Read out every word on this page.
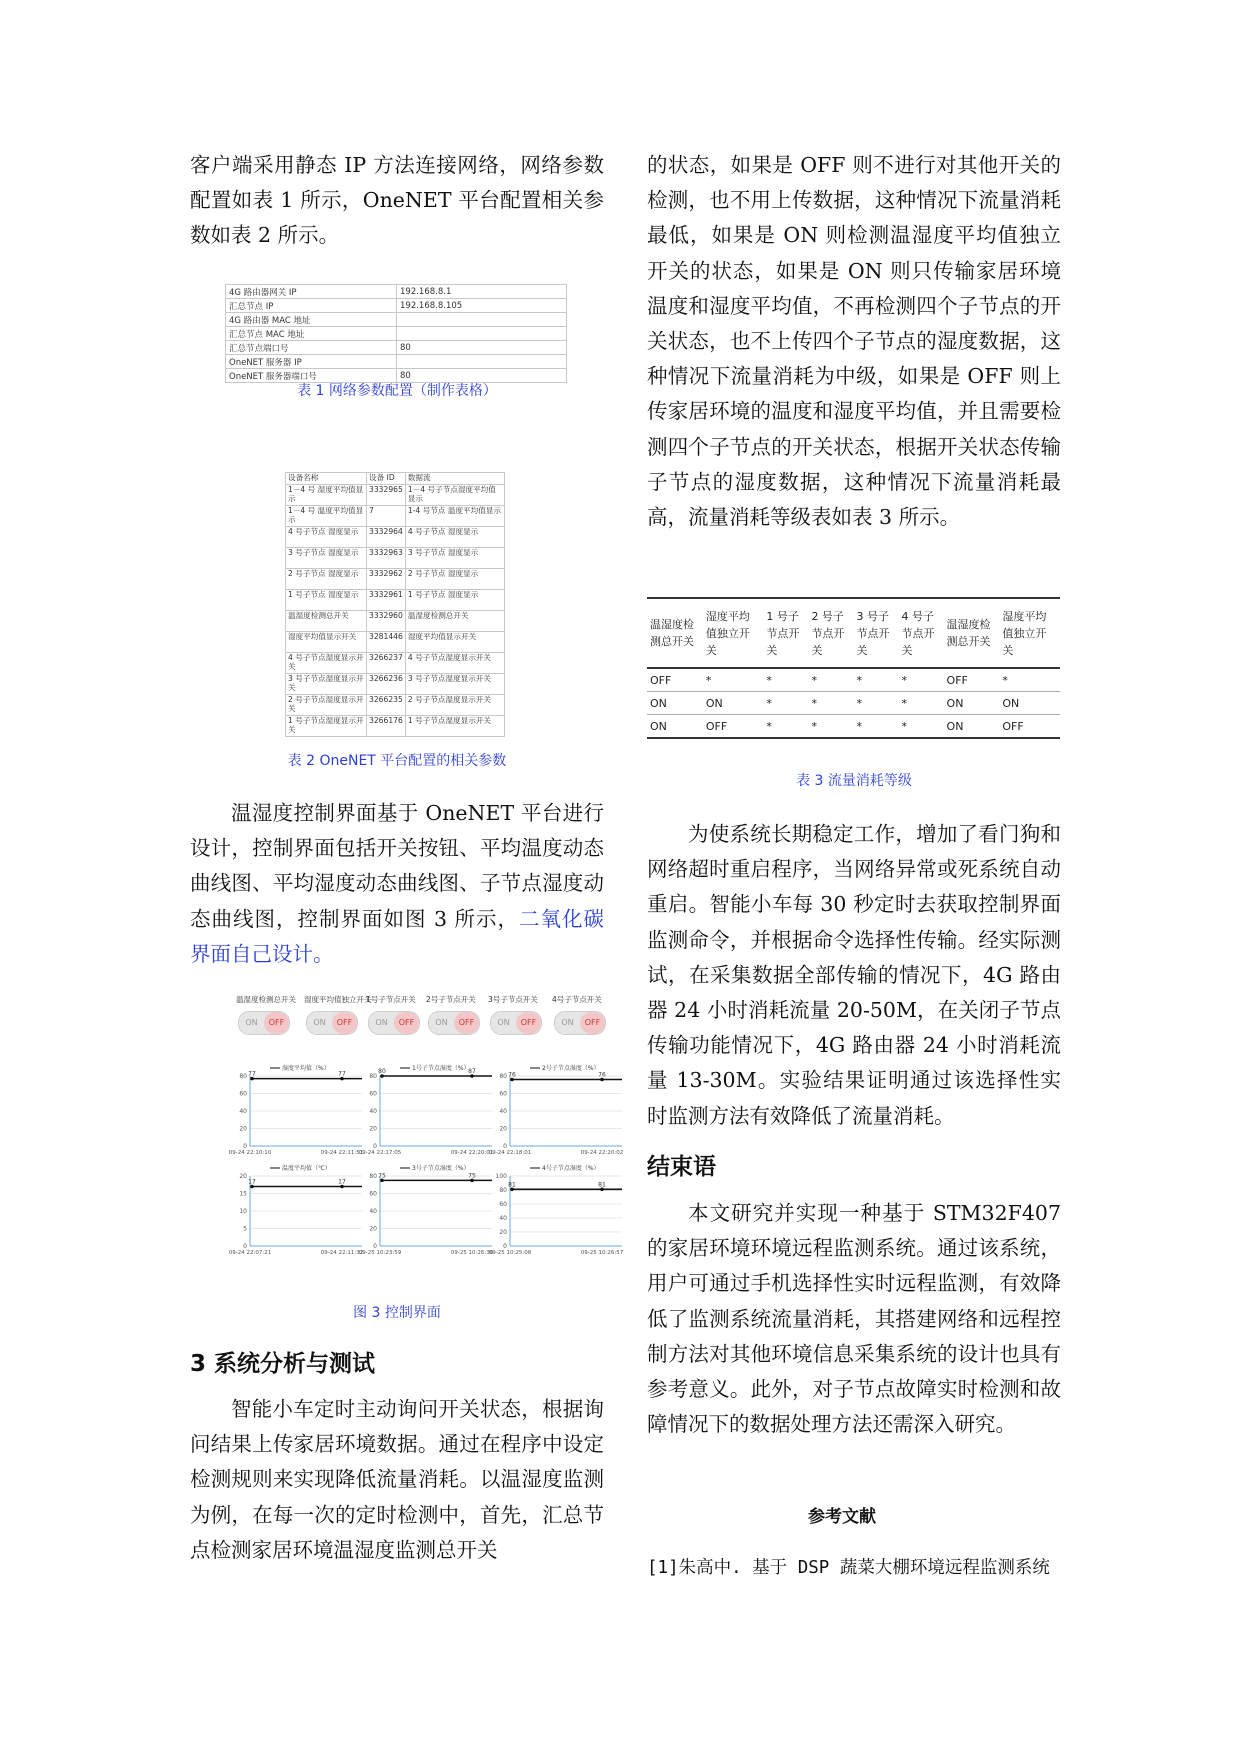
客户端采用静态 IP 方法连接网络，网络参数配置如表 1 所示，OneNET 平台配置相关参数如表 2 所示。

4G 路由器网关 IP	192.168.8.1
汇总节点 IP	192.168.8.105
4G 路由器 MAC 地址	
汇总节点 MAC 地址	
汇总节点端口号	80
OneNET 服务器 IP	
OneNET 服务器端口号	80
表 1 网络参数配置（制作表格）
设备名称	设备 ID	数据流
1－4 号 湿度平均值显示	3332965	1－4 号子节点湿度平均值显示
1－4 号 温度平均值显示	7	1-4 号节点 温度平均值显示
4 号子节点 湿度显示	3332964	4 号子节点 湿度显示
3 号子节点 湿度显示	3332963	3 号子节点 湿度显示
2 号子节点 湿度显示	3332962	2 号子节点 湿度显示
1 号子节点 湿度显示	3332961	1 号子节点 湿度显示
温湿度检测总开关	3332960	温湿度检测总开关
湿度平均值显示开关	3281446	湿度平均值显示开关
4 号子节点湿度显示开关	3266237	4 号子节点湿度显示开关
3 号子节点湿度显示开关	3266236	3 号子节点湿度显示开关
2 号子节点湿度显示开关	3266235	2 号子节点湿度显示开关
1 号子节点湿度显示开关	3266176	1 号子节点湿度显示开关
表 2 OneNET 平台配置的相关参数

温湿度控制界面基于 OneNET 平台进行设计，控制界面包括开关按钮、平均温度动态曲线图、平均湿度动态曲线图、子节点湿度动态曲线图，控制界面如图 3 所示，二氧化碳界面自己设计。

温湿度检测总开关
ON	OFF
湿度平均值独立开关
ON	OFF
1号子节点开关
ON	OFF
2号子节点开关
ON	OFF
3号子节点开关
ON	OFF
4号子节点开关
ON	OFF
湿度平均值（%）
0
20
40
60
80 77	77
09-24 22:10:10	09-24 22:11:51
1号子节点湿度（%）
0
20
40
60
80
80	87
09-24 22:17:05	09-24 22:20:01
2号子节点湿度（%）
0
20
40
60
80 76	76
09-24 22:18:01	09-24 22:20:02
温度平均值（℃）
0
5
10
15
20
17	17
09-24 22:07:21	09-24 22:11:32
3号子节点湿度（%）
0
20
40
60
80 75	75
09-25 10:23:59	09-25 10:26:30
4号子节点湿度（%）
0
20
40
60
80
100
81	81
09-25 10:25:08	09-25 10:26:57
图 3 控制界面
3 系统分析与测试

智能小车定时主动询问开关状态，根据询问结果上传家居环境数据。通过在程序中设定检测规则来实现降低流量消耗。以温湿度监测为例，在每一次的定时检测中，首先，汇总节点检测家居环境温湿度监测总开关

的状态，如果是 OFF 则不进行对其他开关的检测，也不用上传数据，这种情况下流量消耗最低，如果是 ON 则检测温湿度平均值独立开关的状态，如果是 ON 则只传输家居环境温度和湿度平均值，不再检测四个子节点的开关状态，也不上传四个子节点的湿度数据，这种情况下流量消耗为中级，如果是 OFF 则上传家居环境的温度和湿度平均值，并且需要检测四个子节点的开关状态，根据开关状态传输子节点的湿度数据，这种情况下流量消耗最高，流量消耗等级表如表 3 所示。

温湿度检测总开关	湿度平均值独立开关	1 号子节点开关	2 号子节点开关	3 号子节点开关	4 号子节点开关	温湿度检测总开关	湿度平均值独立开关
OFF	*	*	*	*	*	OFF	*
ON	ON	*	*	*	*	ON	ON
ON	OFF	*	*	*	*	ON	OFF
表 3 流量消耗等级

为使系统长期稳定工作，增加了看门狗和网络超时重启程序，当网络异常或死系统自动重启。智能小车每 30 秒定时去获取控制界面监测命令，并根据命令选择性传输。经实际测试，在采集数据全部传输的情况下，4G 路由器 24 小时消耗流量 20-50M，在关闭子节点传输功能情况下，4G 路由器 24 小时消耗流量 13-30M。实验结果证明通过该选择性实时监测方法有效降低了流量消耗。

结束语

本文研究并实现一种基于 STM32F407 的家居环境环境远程监测系统。通过该系统，用户可通过手机选择性实时远程监测，有效降低了监测系统流量消耗，其搭建网络和远程控制方法对其他环境信息采集系统的设计也具有参考意义。此外，对子节点故障实时检测和故障情况下的数据处理方法还需深入研究。

参考文献
[1]朱高中. 基于 DSP 蔬菜大棚环境远程监测系统
